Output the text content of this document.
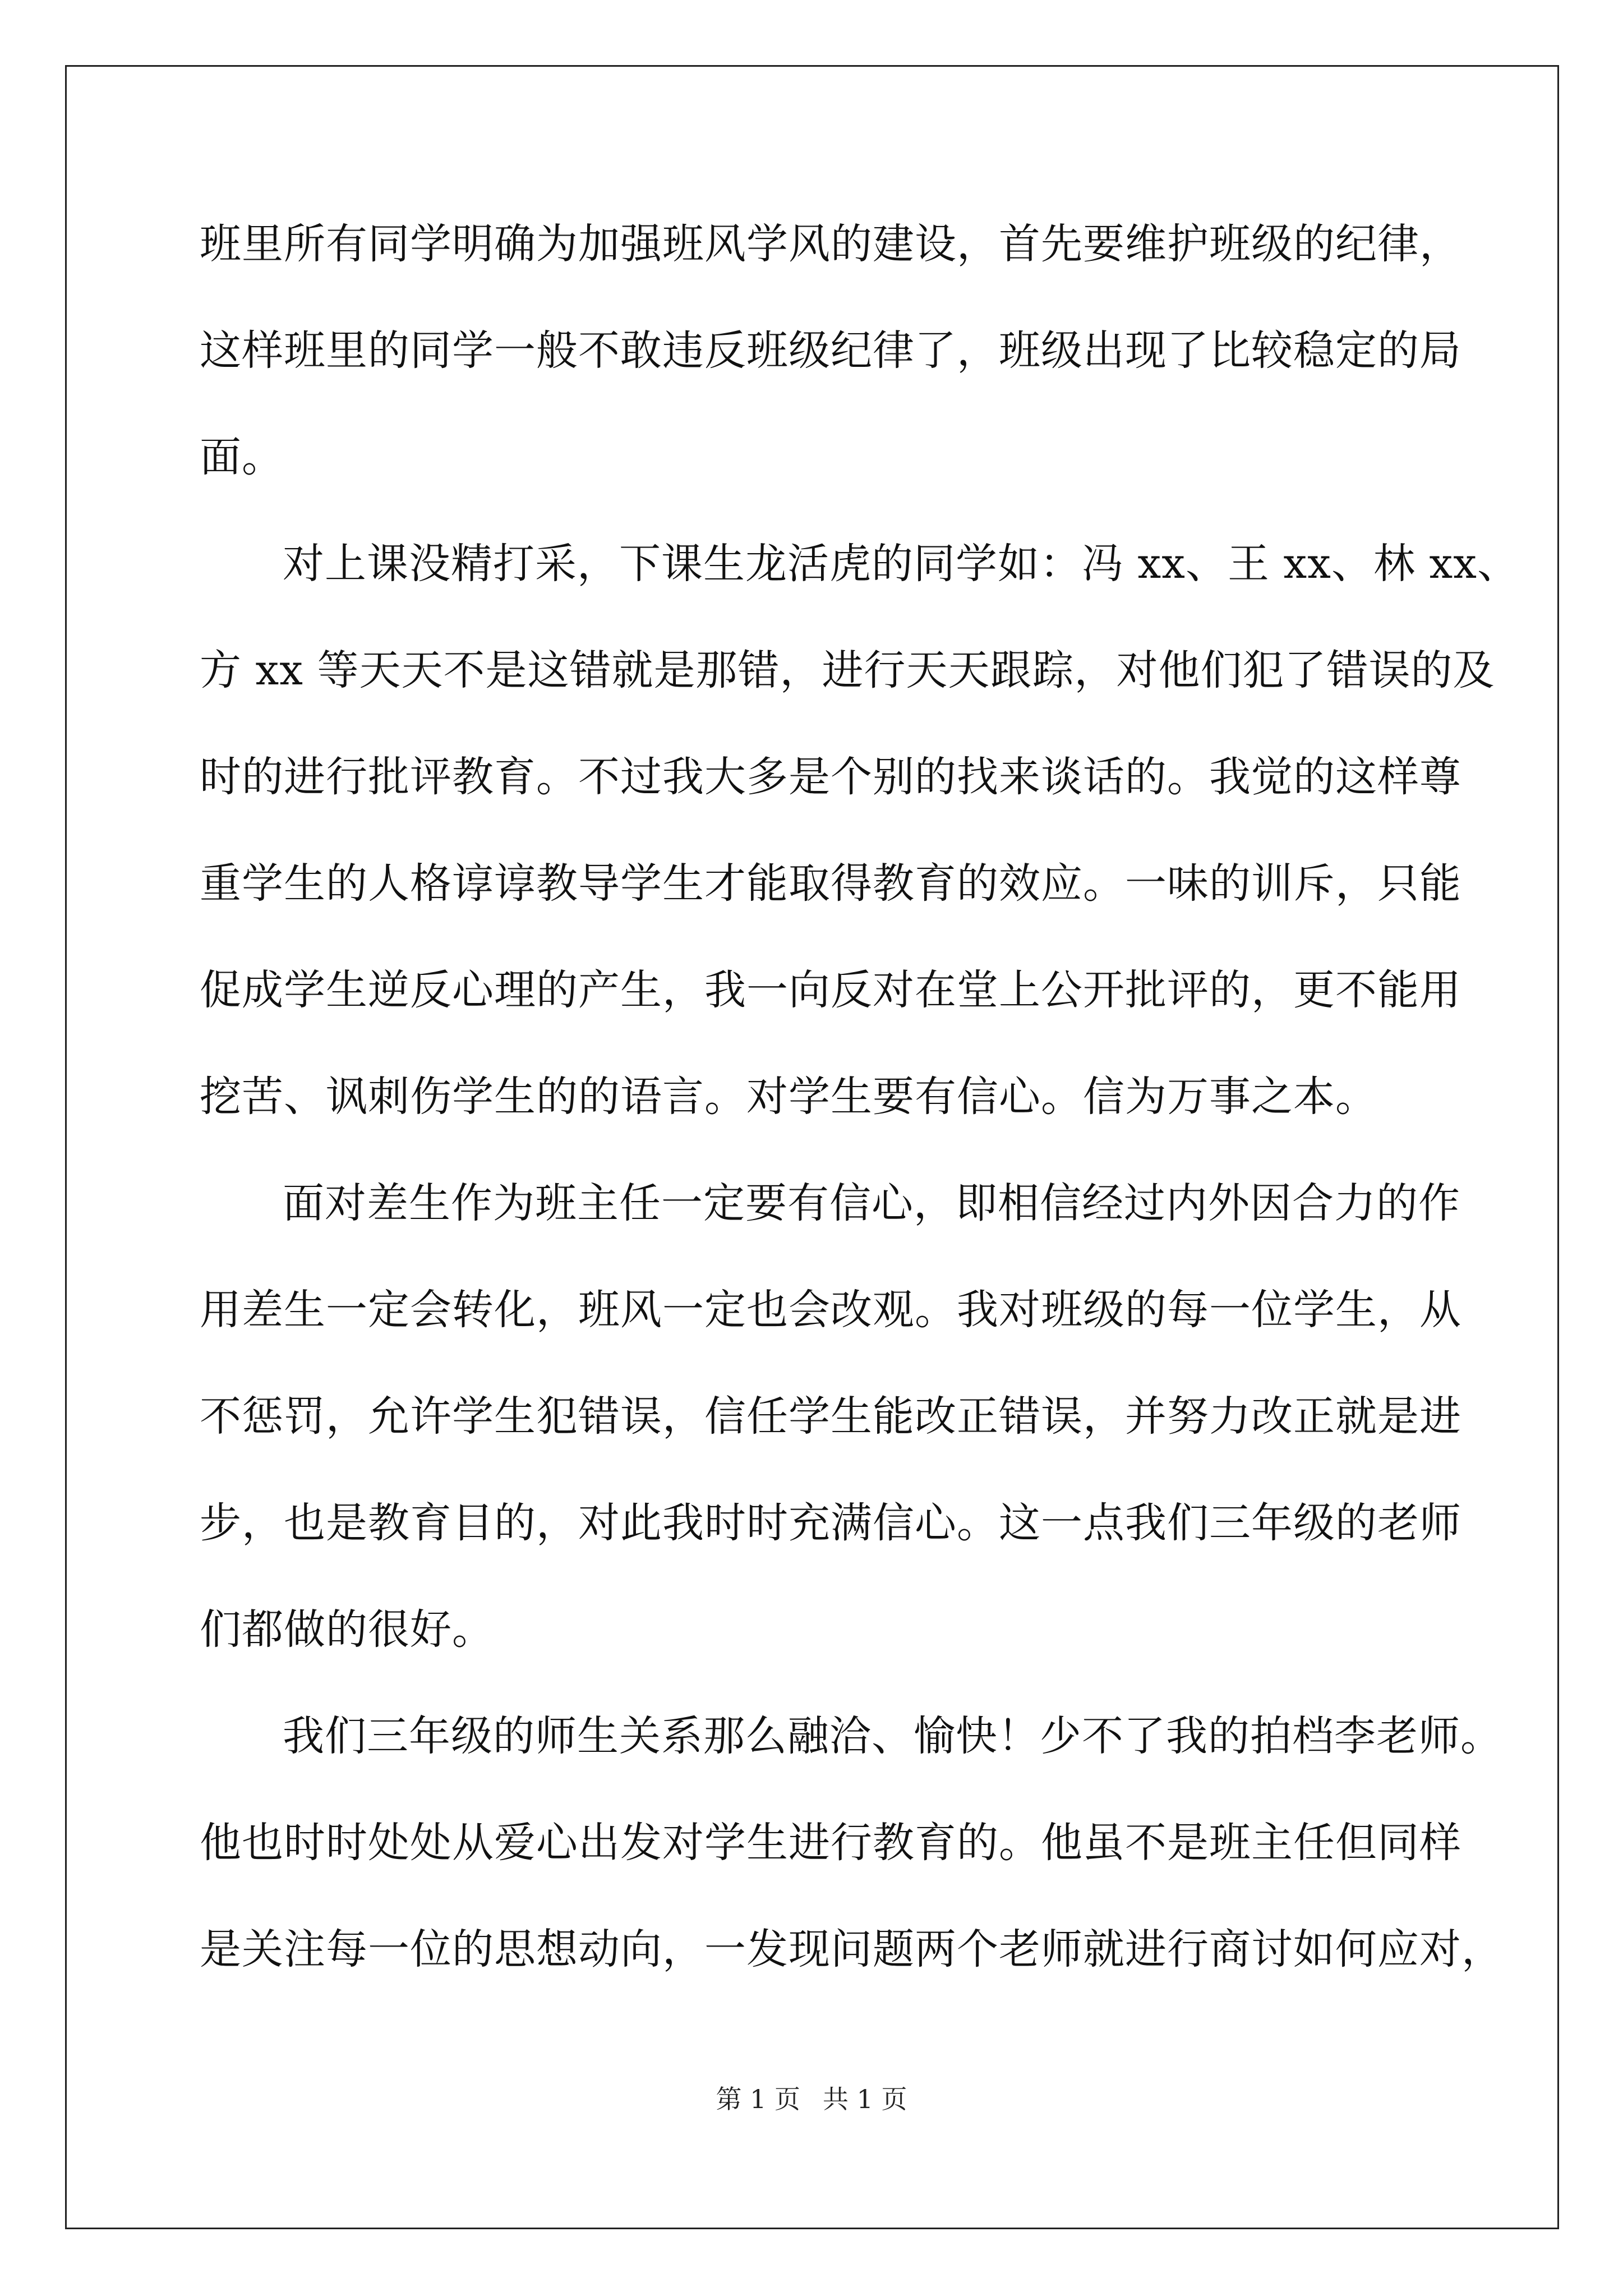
班里所有同学明确为加强班风学风的建设，首先要维护班级的纪律，
这样班里的同学一般不敢违反班级纪律了，班级出现了比较稳定的局
面。
对上课没精打采，下课生龙活虎的同学如：冯 xx、王 xx、林 xx、
方 xx 等天天不是这错就是那错，进行天天跟踪，对他们犯了错误的及
时的进行批评教育。不过我大多是个别的找来谈话的。我觉的这样尊
重学生的人格谆谆教导学生才能取得教育的效应。一味的训斥，只能
促成学生逆反心理的产生，我一向反对在堂上公开批评的，更不能用
挖苦、讽刺伤学生的的语言。对学生要有信心。信为万事之本。
面对差生作为班主任一定要有信心，即相信经过内外因合力的作
用差生一定会转化，班风一定也会改观。我对班级的每一位学生，从
不惩罚，允许学生犯错误，信任学生能改正错误，并努力改正就是进
步，也是教育目的，对此我时时充满信心。这一点我们三年级的老师
们都做的很好。
我们三年级的师生关系那么融洽、愉快！少不了我的拍档李老师。
他也时时处处从爱心出发对学生进行教育的。他虽不是班主任但同样
是关注每一位的思想动向，一发现问题两个老师就进行商讨如何应对，
第 1 页 共 1 页
